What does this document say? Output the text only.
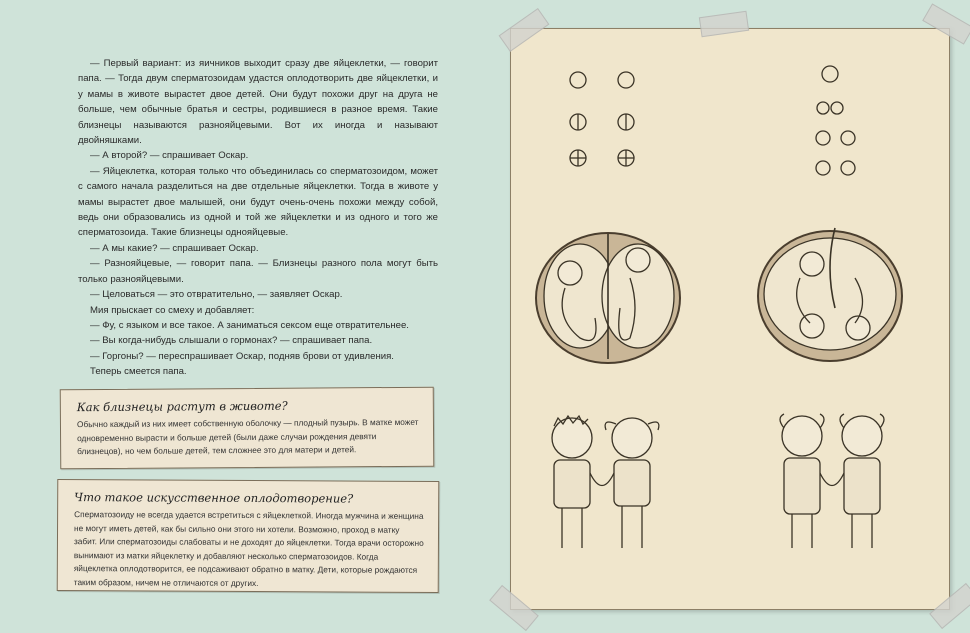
— Первый вариант: из яичников выходит сразу две яйцеклетки, — говорит папа. — Тогда двум сперматозоидам удастся оплодотворить две яйцеклетки, и у мамы в животе вырастет двое детей. Они будут похожи друг на друга не больше, чем обычные братья и сестры, родившиеся в разное время. Такие близнецы называются разнояйцевыми. Вот их иногда и называют двойняшками.

— А второй? — спрашивает Оскар.

— Яйцеклетка, которая только что объединилась со сперматозоидом, может с самого начала разделиться на две отдельные яйцеклетки. Тогда в животе у мамы вырастет двое малышей, они будут очень-очень похожи между собой, ведь они образовались из одной и той же яйцеклетки и из одного и того же сперматозоида. Такие близнецы однояйцевые.

— А мы какие? — спрашивает Оскар.

— Разнояйцевые, — говорит папа. — Близнецы разного пола могут быть только разнояйцевыми.

— Целоваться — это отвратительно, — заявляет Оскар.

Мия прыскает со смеху и добавляет:

— Фу, с языком и все такое. А заниматься сексом еще отвратительнее.

— Вы когда-нибудь слышали о гормонах? — спрашивает папа.

— Горгоны? — переспрашивает Оскар, подняв брови от удивления.

Теперь смеется папа.

Как близнецы растут в животе?

Обычно каждый из них имеет собственную оболочку — плодный пузырь. В матке может одновременно вырасти и больше детей (были даже случаи рождения девяти близнецов), но чем больше детей, тем сложнее это для матери и детей.

Что такое искусственное оплодотворение?

Сперматозоиду не всегда удается встретиться с яйцеклеткой. Иногда мужчина и женщина не могут иметь детей, как бы сильно они этого ни хотели. Возможно, проход в матку забит. Или сперматозоиды слабоваты и не доходят до яйцеклетки. Тогда врачи осторожно вынимают из матки яйцеклетку и добавляют несколько сперматозоидов. Когда яйцеклетка оплодотворится, ее подсаживают обратно в матку. Дети, которые рождаются таким образом, ничем не отличаются от других.
